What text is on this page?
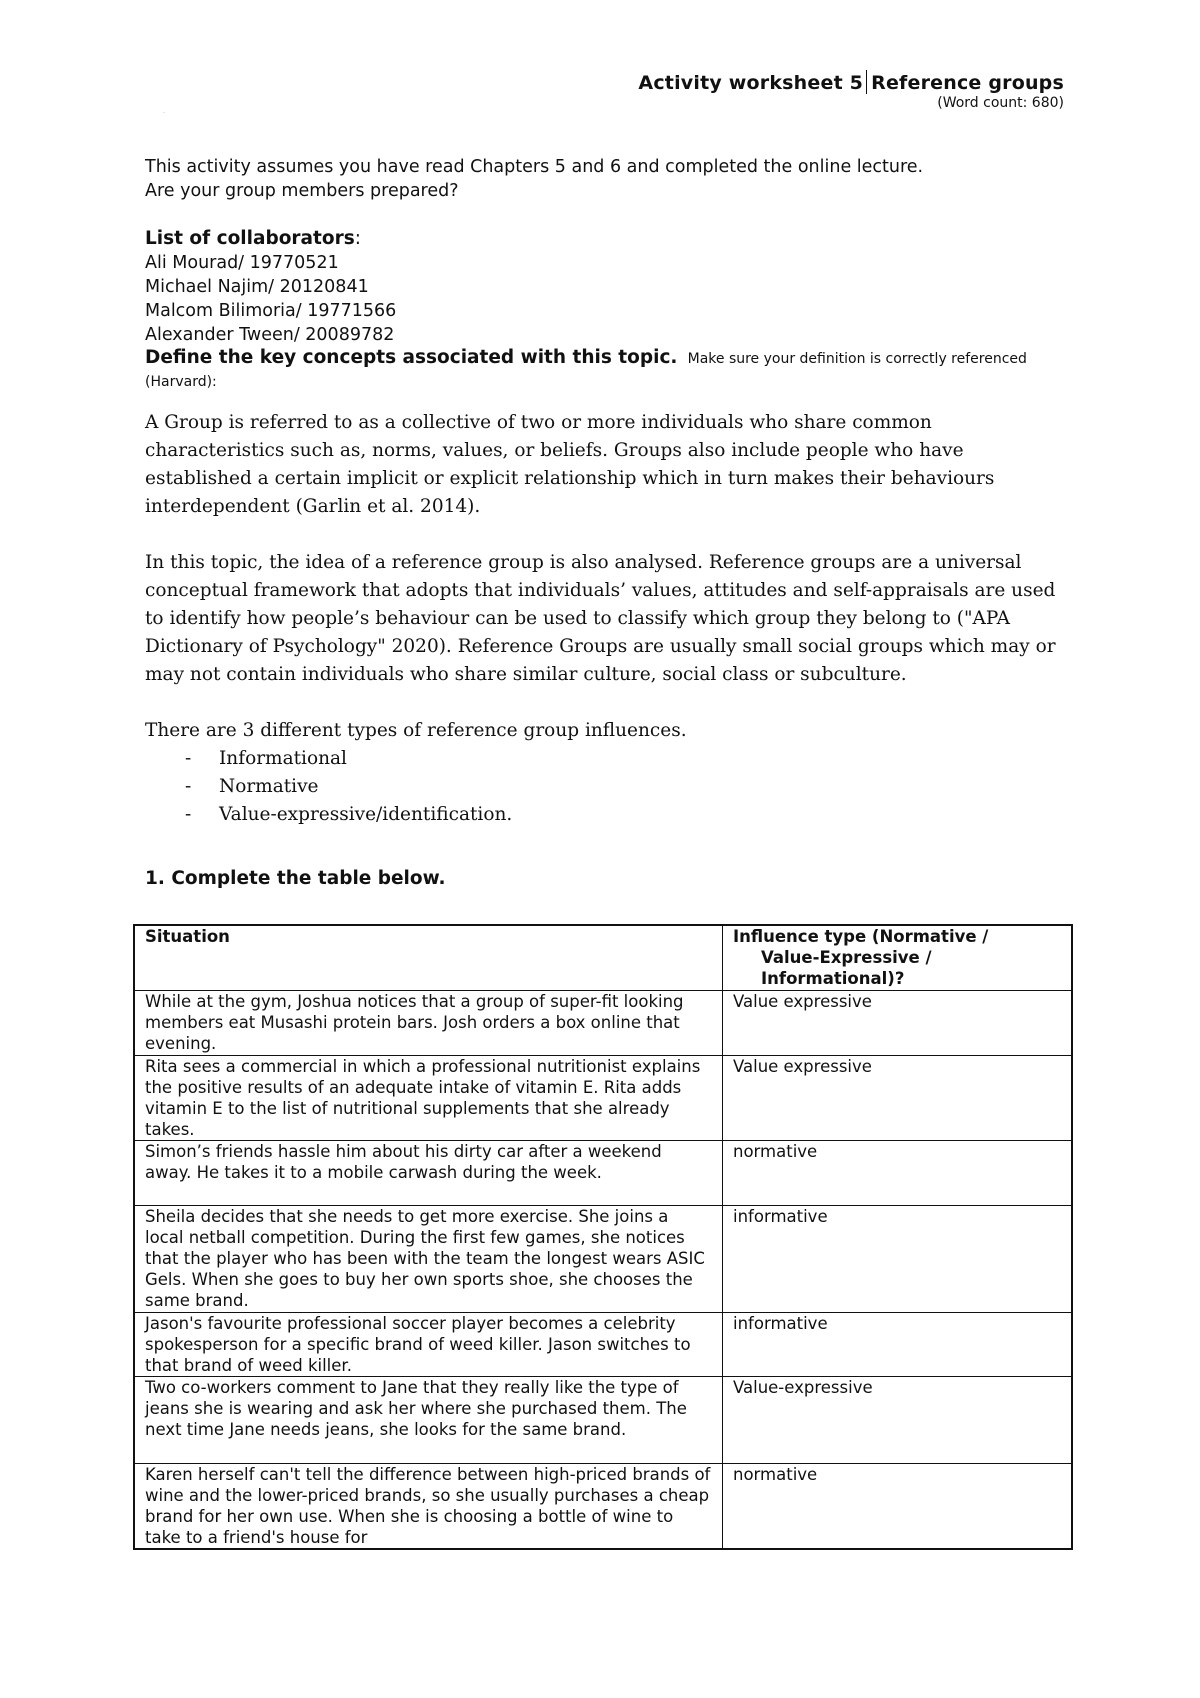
Activity worksheet 5 Reference groups
(Word count: 680)
.
This activity assumes you have read Chapters 5 and 6 and completed the online lecture.
Are your group members prepared?
List of collaborators:
Ali Mourad/ 19770521
Michael Najim/ 20120841
Malcom Bilimoria/ 19771566
Alexander Tween/ 20089782
Define the key concepts associated with this topic. Make sure your definition is correctly referenced (Harvard):

A Group is referred to as a collective of two or more individuals who share common characteristics such as, norms, values, or beliefs. Groups also include people who have established a certain implicit or explicit relationship which in turn makes their behaviours interdependent (Garlin et al. 2014).

In this topic, the idea of a reference group is also analysed. Reference groups are a universal conceptual framework that adopts that individuals’ values, attitudes and self-appraisals are used to identify how people’s behaviour can be used to classify which group they belong to ("APA Dictionary of Psychology" 2020). Reference Groups are usually small social groups which may or may not contain individuals who share similar culture, social class or subculture.

There are 3 different types of reference group influences.
- Informational
- Normative
- Value-expressive/identification.
1. Complete the table below.
Situation	Influence type (Normative /
Value-Expressive /
Informational)?

While at the gym, Joshua notices that a group of super-fit looking members eat Musashi protein bars. Josh orders a box online that evening.	Value expressive
Rita sees a commercial in which a professional nutritionist explains the positive results of an adequate intake of vitamin E. Rita adds vitamin E to the list of nutritional supplements that she already takes.	Value expressive
Simon’s friends hassle him about his dirty car after a weekend away. He takes it to a mobile carwash during the week.	normative
Sheila decides that she needs to get more exercise. She joins a local netball competition. During the first few games, she notices that the player who has been with the team the longest wears ASIC Gels. When she goes to buy her own sports shoe, she chooses the same brand.	informative
Jason's favourite professional soccer player becomes a celebrity spokesperson for a specific brand of weed killer. Jason switches to that brand of weed killer.	informative
Two co-workers comment to Jane that they really like the type of jeans she is wearing and ask her where she purchased them. The next time Jane needs jeans, she looks for the same brand.	Value-expressive

Karen herself can't tell the difference between high-priced brands of wine and the lower-priced brands, so she usually purchases a cheap brand for her own use. When she is choosing a bottle of wine to take to a friend's house for	normative
